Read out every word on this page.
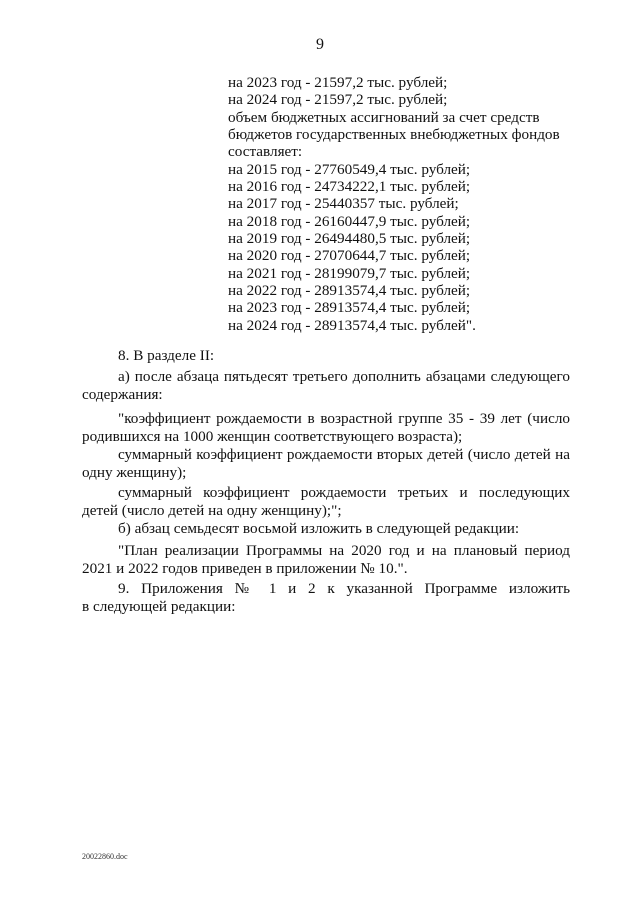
9
на 2023 год - 21597,2 тыс. рублей;
на 2024 год - 21597,2 тыс. рублей;
объем бюджетных ассигнований за счет средств
бюджетов государственных внебюджетных фондов
составляет:
на 2015 год - 27760549,4 тыс. рублей;
на 2016 год - 24734222,1 тыс. рублей;
на 2017 год - 25440357 тыс. рублей;
на 2018 год - 26160447,9 тыс. рублей;
на 2019 год - 26494480,5 тыс. рублей;
на 2020 год - 27070644,7 тыс. рублей;
на 2021 год - 28199079,7 тыс. рублей;
на 2022 год - 28913574,4 тыс. рублей;
на 2023 год - 28913574,4 тыс. рублей;
на 2024 год - 28913574,4 тыс. рублей".
8. В разделе II:
а) после абзаца пятьдесят третьего дополнить абзацами следующего
содержания:
"коэффициент рождаемости в возрастной группе 35 - 39 лет (число
родившихся на 1000 женщин соответствующего возраста);
суммарный коэффициент рождаемости вторых детей (число детей на
одну женщину);
суммарный коэффициент рождаемости третьих и последующих
детей (число детей на одну женщину);";
б) абзац семьдесят восьмой изложить в следующей редакции:
"План реализации Программы на 2020 год и на плановый период
2021 и 2022 годов приведен в приложении № 10.".
9. Приложения № 1 и 2 к указанной Программе изложить
в следующей редакции:
20022860.doc
